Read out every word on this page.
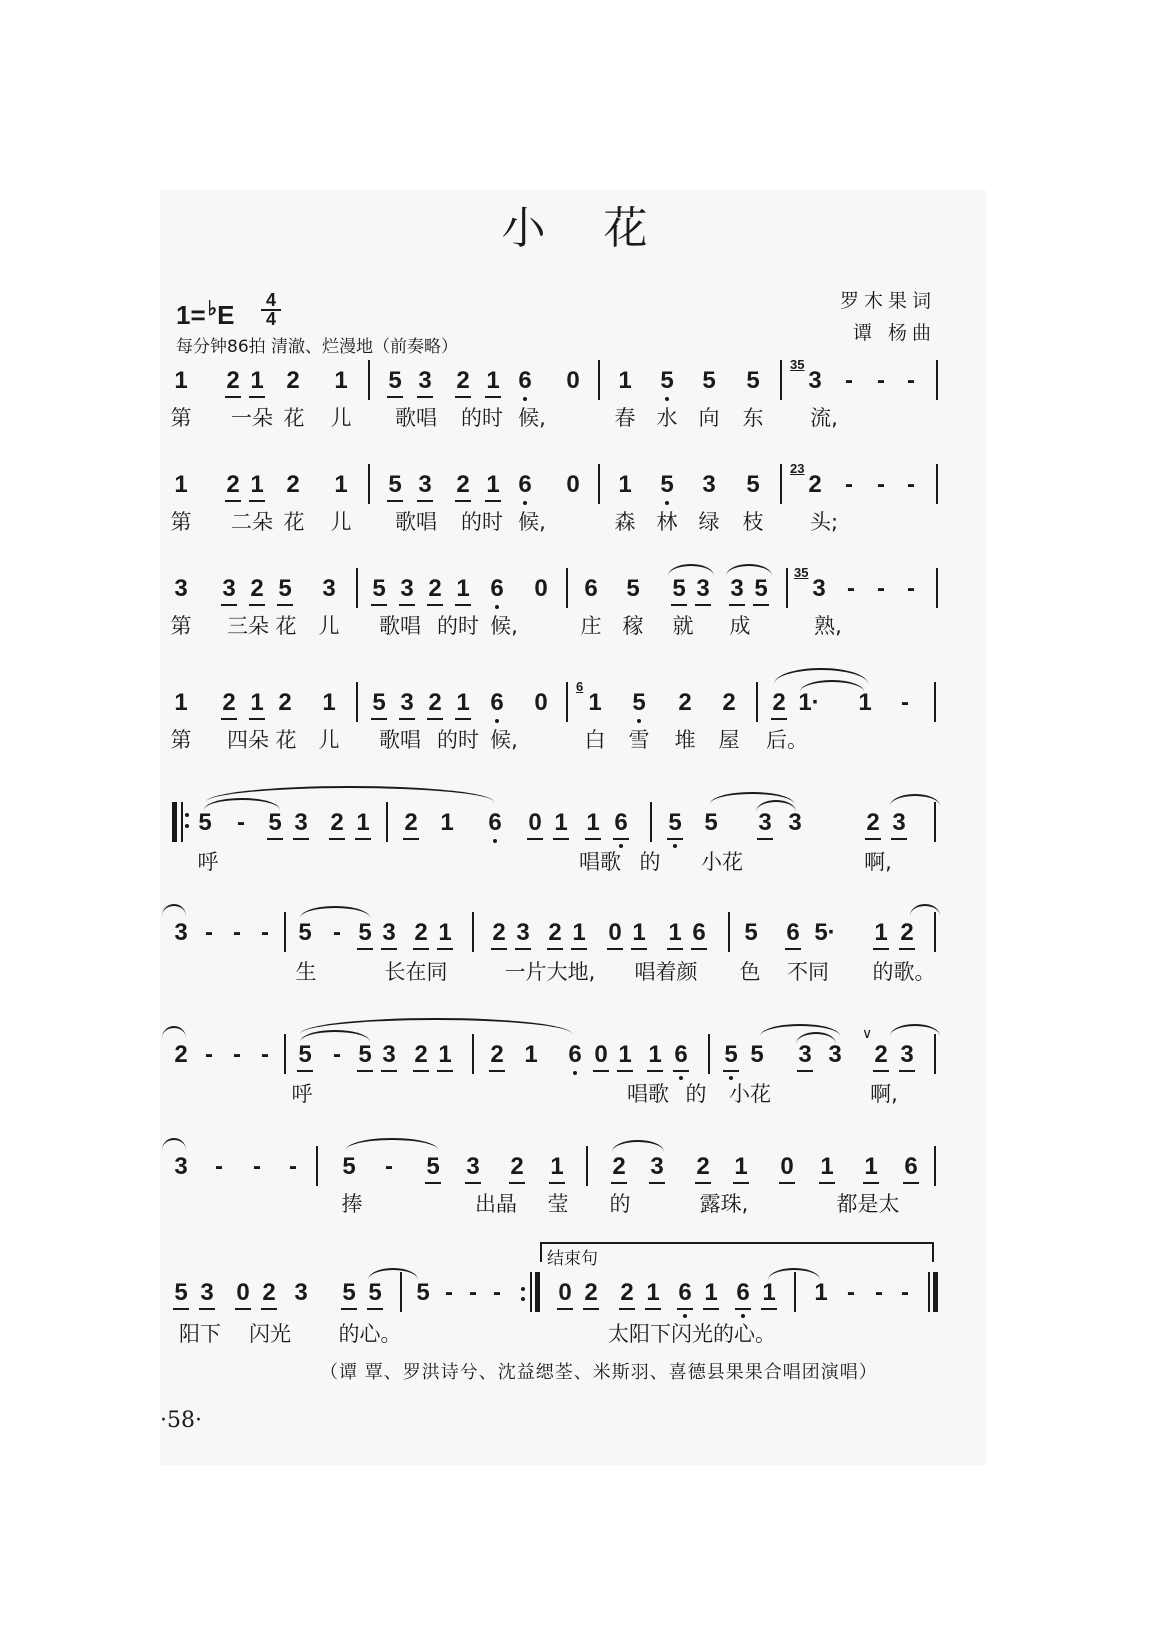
小花
$1= ^♭E \frac{4}{4}$
每分钟86拍 清澈、烂漫地（前奏略）
罗木果词
谭 杨曲
1 2 1 2 1 5 3 2 1 6 0 1 5 5 5
35
3 - - -
第	一朵 花 儿	歌唱	的时 候,	春 水 向 东 流,
1 2 1 2 1 5 3 2 1 6 0 1 5 3 5
23
2 - - -
第	二朵 花 儿	歌唱	的时 候,	森 林 绿 枝 头;
3 3 2 5 3 5 3 2 1 6 0 6 5 5 3 3 5
35
3 - - -
第	三朵 花 儿	歌唱 的时 候,	庄 稼 就 成	熟,
1 2 1 2 1 5 3 2 1 6 0
6
1 5 2 2 2 1· 1 -
第	四朵 花 儿	歌唱 的时 候,	白 雪 堆 屋 后。
5 - 5 3 2 1 2 1 6 0 1 1 6 5 5 3 3	2 3
呼	唱歌 的	小花	啊,
3 - - - 5 - 5 3 2 1 2 3 2 1 0 1 1 6 5 6 5· 1 2
生	长在同	一片大地,	唱着颜	色	不同	的歌。
2 - - - 5 - 5 3 2 1 2 1 6 0 1 1 6 5 5 3 3 2 3
∨
呼	唱歌 的	小花	啊,
3 - - - 5 - 5 3 2 1 2 3 2 1 0 1 1 6
捧	出晶	莹 的	露珠,	都是太
结束句
5 3 0 2 3 5 5 5 - - - 0 2 2 1 6 1 6 1 1 - - -
阳下	闪光	的心。	太阳下闪光的心。
（谭 覃、罗洪诗兮、沈益缌荃、米斯羽、喜德县果果合唱团演唱）
·58·
